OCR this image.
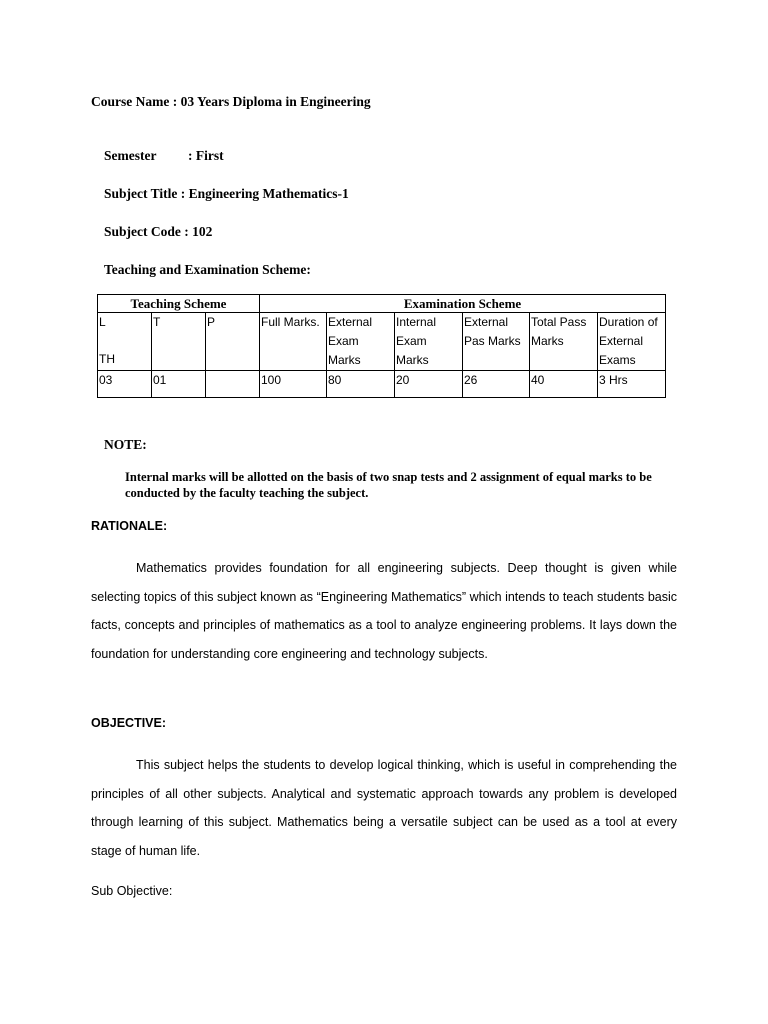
Course Name : 03 Years Diploma in Engineering
Semester : First
Subject Title : Engineering Mathematics-1
Subject Code : 102
Teaching and Examination Scheme:
Teaching Scheme			Examination Scheme					
L
TH	T	P	Full Marks.	External Exam Marks	Internal Exam Marks	External Pas Marks	Total Pass Marks	Duration of External Exams
03	01		100	80	20	26	40	3 Hrs
NOTE:
Internal marks will be allotted on the basis of two snap tests and 2 assignment of equal marks to be conducted by the faculty teaching the subject.
RATIONALE:
Mathematics provides foundation for all engineering subjects. Deep thought is given while selecting topics of this subject known as “Engineering Mathematics” which intends to teach students basic facts, concepts and principles of mathematics as a tool to analyze engineering problems. It lays down the foundation for understanding core engineering and technology subjects.
OBJECTIVE:
This subject helps the students to develop logical thinking, which is useful in comprehending the principles of all other subjects. Analytical and systematic approach towards any problem is developed through learning of this subject. Mathematics being a versatile subject can be used as a tool at every stage of human life.
Sub Objective:
